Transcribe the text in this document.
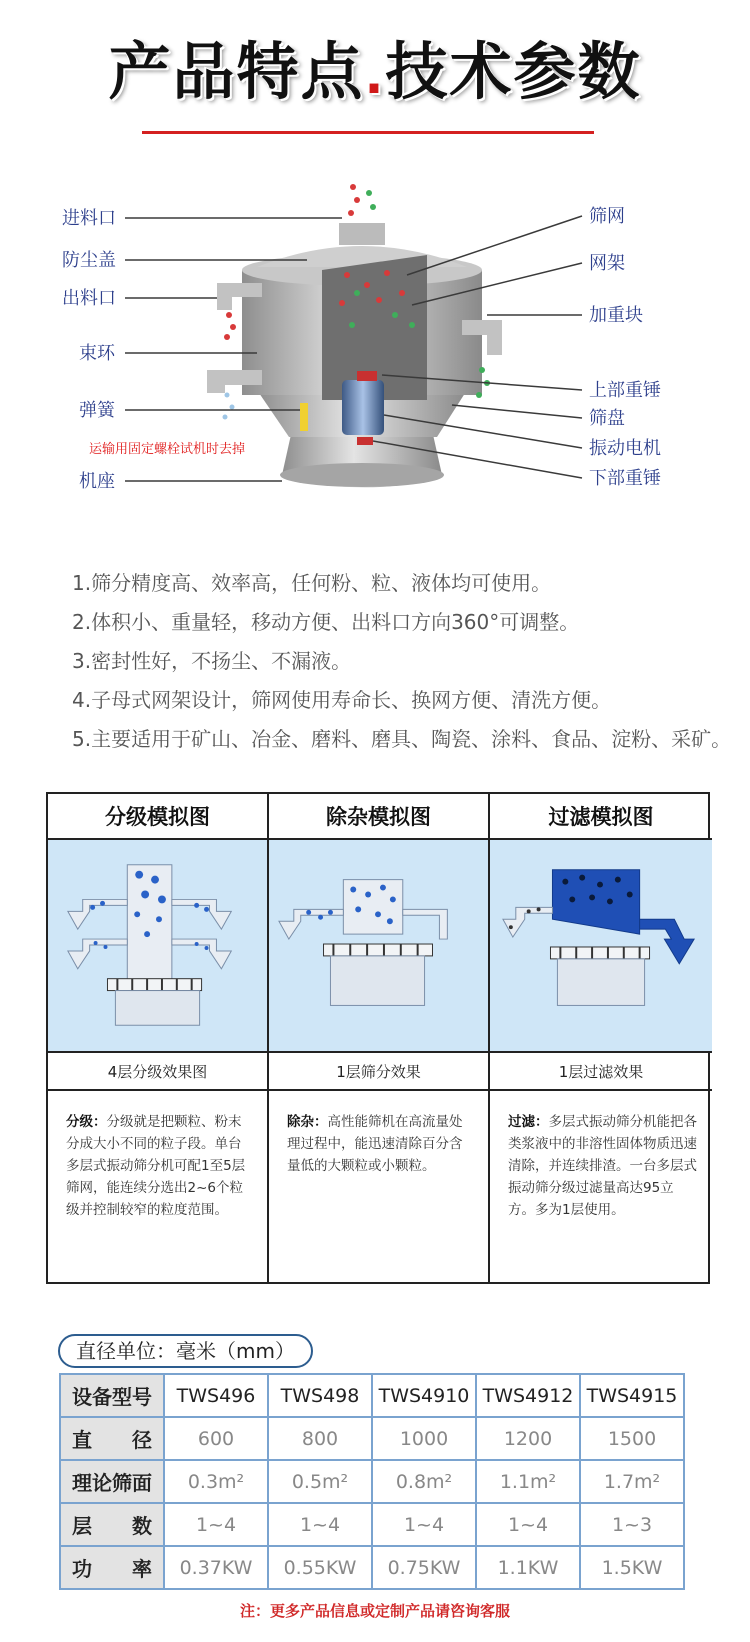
产品特点.技术参数
进料口
防尘盖
出料口
束环
弹簧
机座
运输用固定螺栓试机时去掉
筛网
网架
加重块
上部重锤
筛盘
振动电机
下部重锤
1.筛分精度高、效率高，任何粉、粒、液体均可使用。
2.体积小、重量轻，移动方便、出料口方向360°可调整。
3.密封性好，不扬尘、不漏液。
4.子母式网架设计，筛网使用寿命长、换网方便、清洗方便。
5.主要适用于矿山、冶金、磨料、磨具、陶瓷、涂料、食品、淀粉、采矿。
分级模拟图
4层分级效果图
分级：分级就是把颗粒、粉末分成大小不同的粒子段。单台多层式振动筛分机可配1至5层筛网，能连续分选出2~6个粒级并控制较窄的粒度范围。
除杂模拟图
1层筛分效果
除杂：高性能筛机在高流量处理过程中，能迅速清除百分含量低的大颗粒或小颗粒。
过滤模拟图
1层过滤效果
过滤：多层式振动筛分机能把各类浆液中的非溶性固体物质迅速清除，并连续排渣。一台多层式振动筛分级过滤量高达95立方。多为1层使用。
直径单位：毫米（mm）
设备型号	TWS496	TWS498	TWS4910	TWS4912	TWS4915
直　　径	600	800	1000	1200	1500
理论筛面	0.3m²	0.5m²	0.8m²	1.1m²	1.7m²
层　　数	1~4	1~4	1~4	1~4	1~3
功　　率	0.37KW	0.55KW	0.75KW	1.1KW	1.5KW
注：更多产品信息或定制产品请咨询客服
